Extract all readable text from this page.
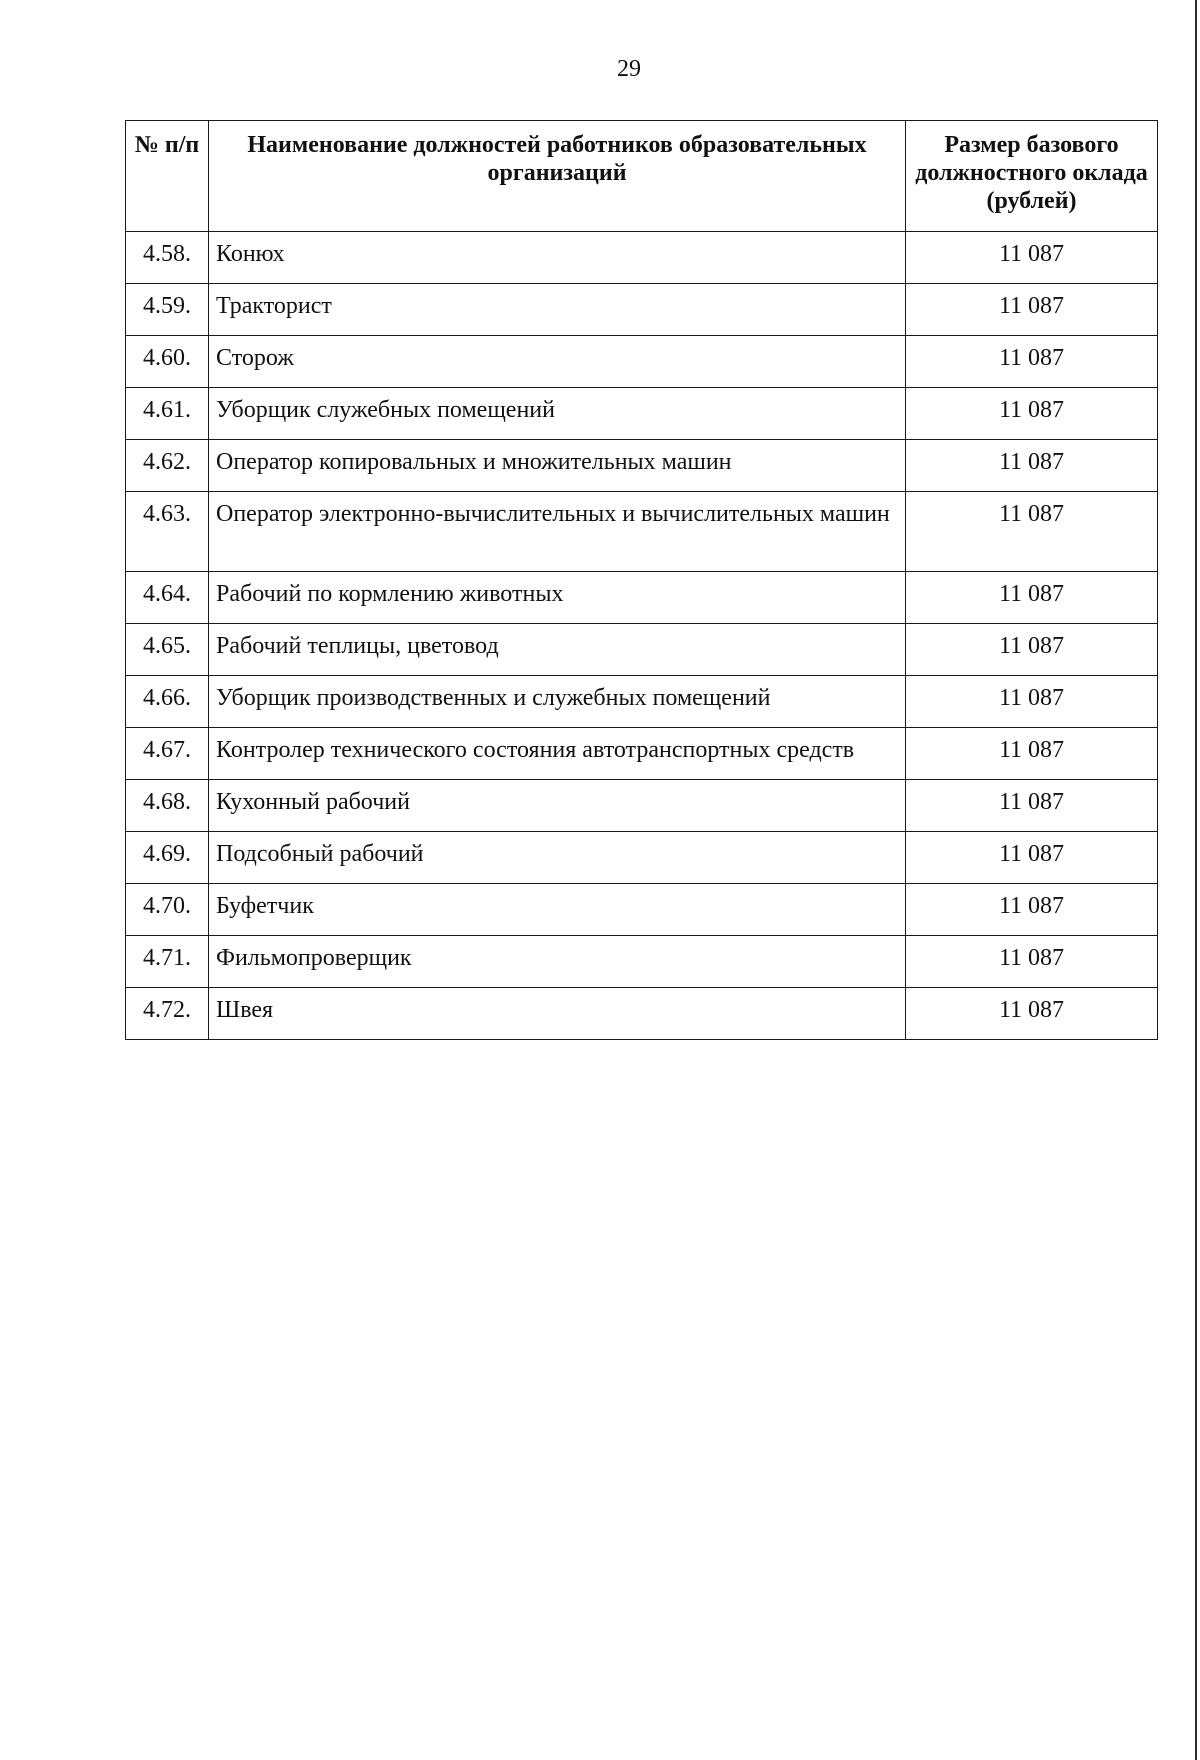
29
№ п/п	Наименование должностей работников образовательных организаций	Размер базового должностного оклада (рублей)
4.58.	Конюх	11 087
4.59.	Тракторист	11 087
4.60.	Сторож	11 087
4.61.	Уборщик служебных помещений	11 087
4.62.	Оператор копировальных и множительных машин	11 087
4.63.	Оператор электронно-вычислительных и вычислительных машин	11 087
4.64.	Рабочий по кормлению животных	11 087
4.65.	Рабочий теплицы, цветовод	11 087
4.66.	Уборщик производственных и служебных помещений	11 087
4.67.	Контролер технического состояния автотранспортных средств	11 087
4.68.	Кухонный рабочий	11 087
4.69.	Подсобный рабочий	11 087
4.70.	Буфетчик	11 087
4.71.	Фильмопроверщик	11 087
4.72.	Швея	11 087
